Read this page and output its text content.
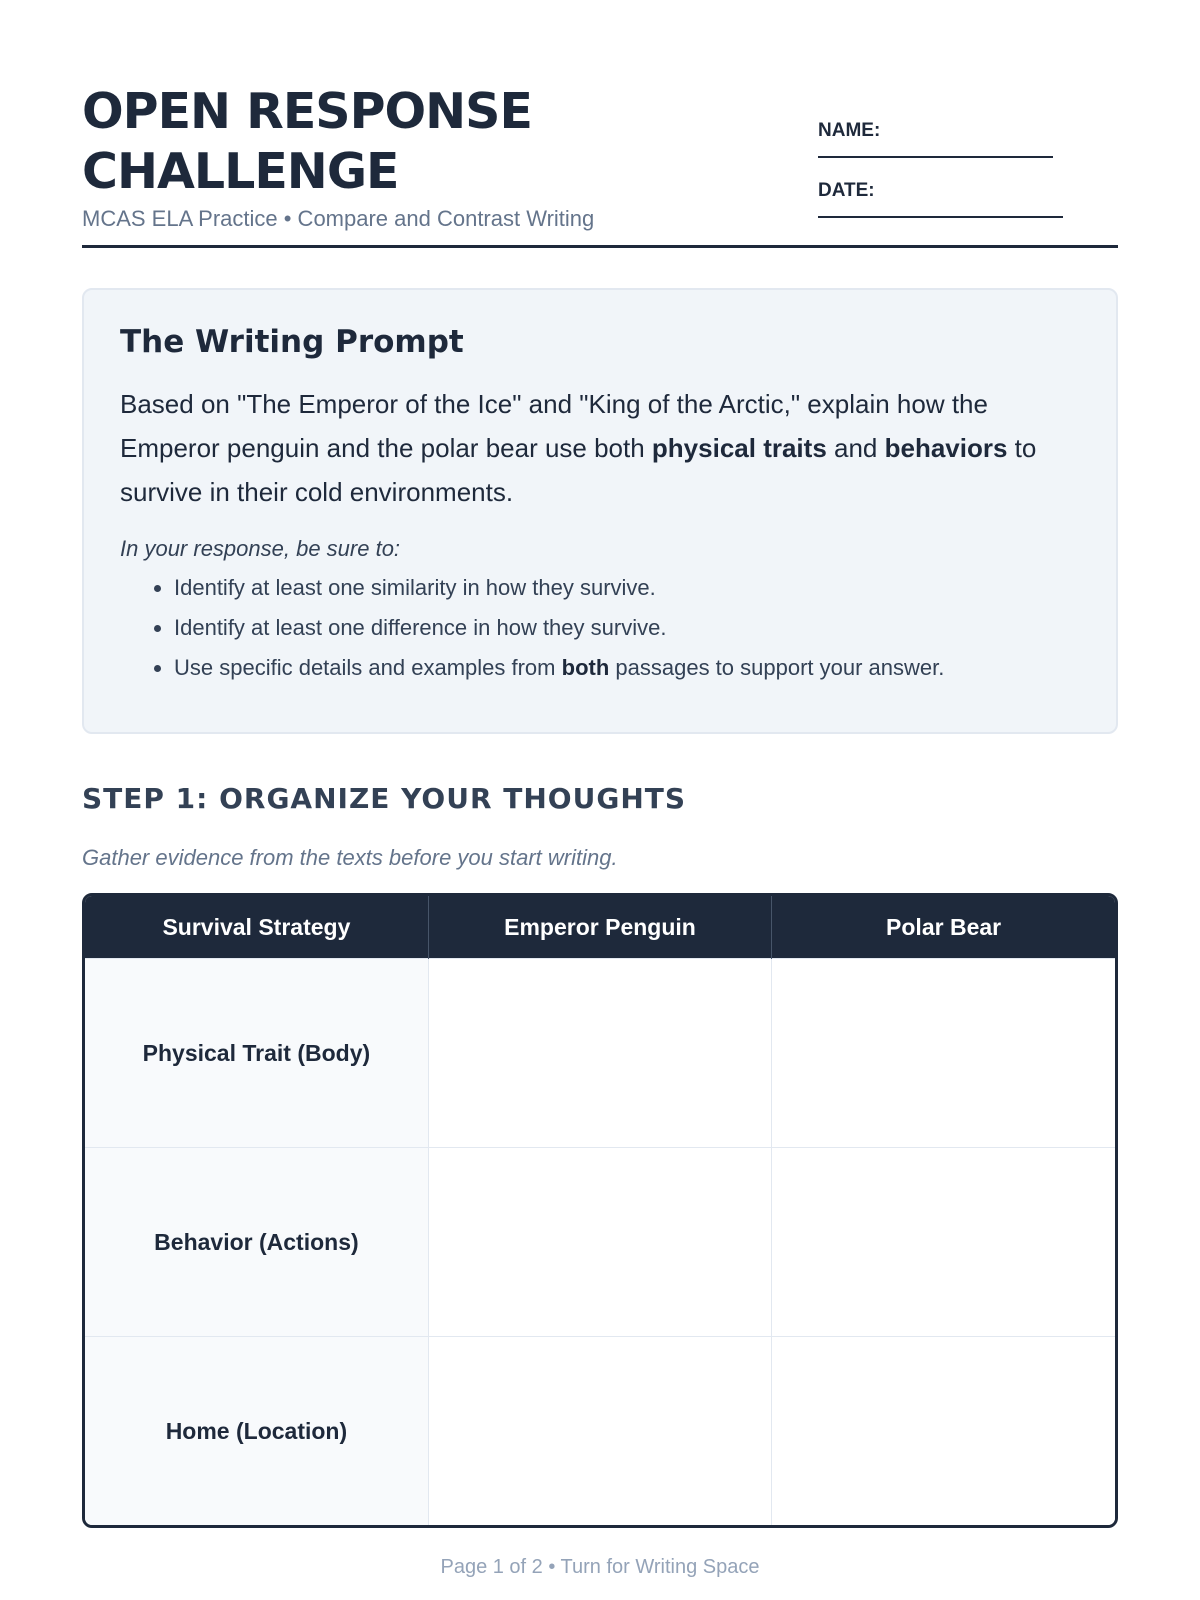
OPEN RESPONSE
CHALLENGE
MCAS ELA Practice • Compare and Contrast Writing
NAME:
DATE:
The Writing Prompt

Based on "The Emperor of the Ice" and "King of the Arctic," explain how the Emperor penguin and the polar bear use both physical traits and behaviors to survive in their cold environments.

In your response, be sure to:
• Identify at least one similarity in how they survive.
• Identify at least one difference in how they survive.
• Use specific details and examples from both passages to support your answer.
STEP 1: ORGANIZE YOUR THOUGHTS
Gather evidence from the texts before you start writing.
Survival Strategy	Emperor Penguin	Polar Bear
Physical Trait (Body)		
Behavior (Actions)		
Home (Location)		
Page 1 of 2 • Turn for Writing Space
